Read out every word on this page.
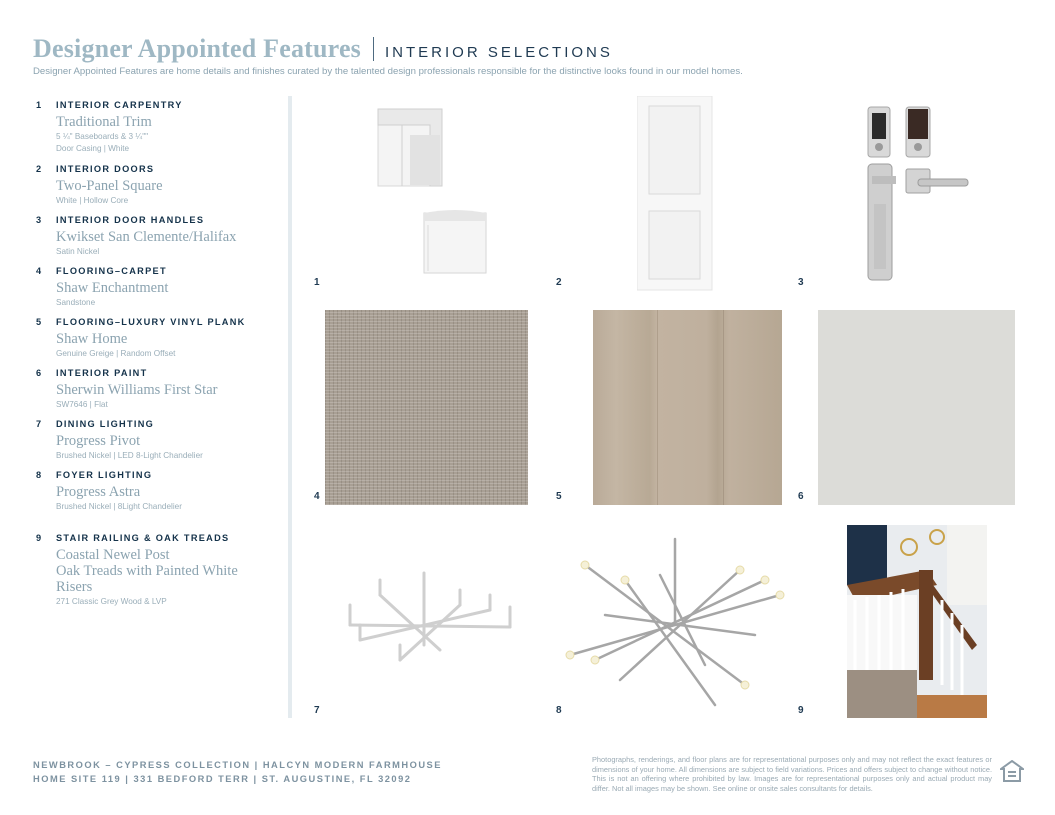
Designer Appointed Features INTERIOR SELECTIONS
Designer Appointed Features are home details and finishes curated by the talented design professionals responsible for the distinctive looks found in our model homes.
1	INTERIOR CARPENTRY
Traditional Trim
5 ¼" Baseboards & 3 ¼""
Door Casing | White
2	INTERIOR DOORS
Two-Panel Square
White | Hollow Core
3	INTERIOR DOOR HANDLES
Kwikset San Clemente/Halifax
Satin Nickel
4	FLOORING–CARPET
Shaw Enchantment
Sandstone
5	FLOORING–LUXURY VINYL PLANK
Shaw Home
Genuine Greige | Random Offset
6	INTERIOR PAINT
Sherwin Williams First Star
SW7646 | Flat
7	DINING LIGHTING
Progress Pivot
Brushed Nickel | LED 8-Light Chandelier
8	FOYER LIGHTING
Progress Astra
Brushed Nickel | 8Light Chandelier
9	STAIR RAILING & OAK TREADS
Coastal Newel Post
Oak Treads with Painted White Risers
271 Classic Grey Wood & LVP
1	2	3
4	5	6
7	8	9
NEWBROOK – CYPRESS COLLECTION | HALCYN MODERN FARMHOUSE
HOME SITE 119 | 331 BEDFORD TERR | ST. AUGUSTINE, FL 32092
Photographs, renderings, and floor plans are for representational purposes only and may not reflect the exact features or dimensions of your home. All dimensions are subject to field variations. Prices and offers subject to change without notice. This is not an offering where prohibited by law. Images are for representational purposes only and actual product may differ. Not all images may be shown. See online or onsite sales consultants for details.
